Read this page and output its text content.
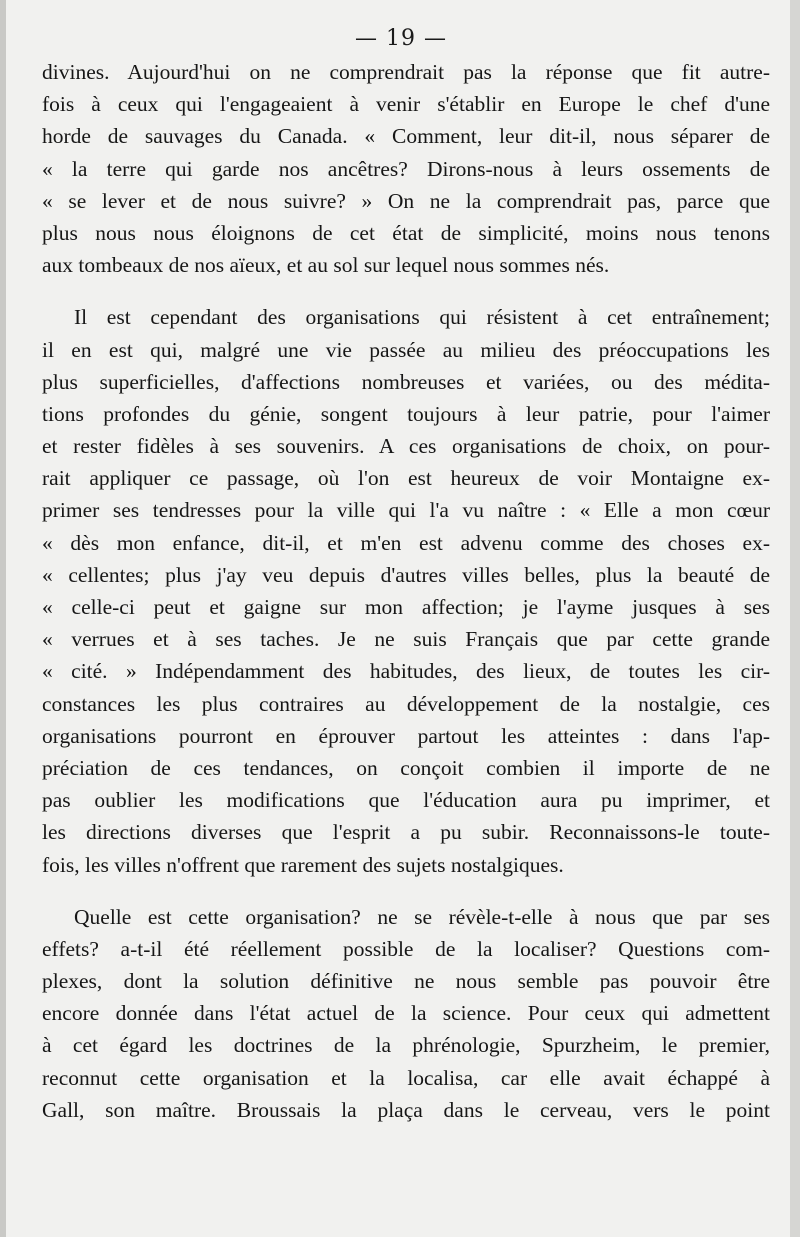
— 19 —
divines. Aujourd'hui on ne comprendrait pas la réponse que fit autre-
fois à ceux qui l'engageaient à venir s'établir en Europe le chef d'une
horde de sauvages du Canada. « Comment, leur dit-il, nous séparer de
« la terre qui garde nos ancêtres? Dirons-nous à leurs ossements de
« se lever et de nous suivre? » On ne la comprendrait pas, parce que
plus nous nous éloignons de cet état de simplicité, moins nous tenons
aux tombeaux de nos aïeux, et au sol sur lequel nous sommes nés.
Il est cependant des organisations qui résistent à cet entraînement;
il en est qui, malgré une vie passée au milieu des préoccupations les
plus superficielles, d'affections nombreuses et variées, ou des médita-
tions profondes du génie, songent toujours à leur patrie, pour l'aimer
et rester fidèles à ses souvenirs. A ces organisations de choix, on pour-
rait appliquer ce passage, où l'on est heureux de voir Montaigne ex-
primer ses tendresses pour la ville qui l'a vu naître : « Elle a mon cœur
« dès mon enfance, dit-il, et m'en est advenu comme des choses ex-
« cellentes; plus j'ay veu depuis d'autres villes belles, plus la beauté de
« celle-ci peut et gaigne sur mon affection; je l'ayme jusques à ses
« verrues et à ses taches. Je ne suis Français que par cette grande
« cité. » Indépendamment des habitudes, des lieux, de toutes les cir-
constances les plus contraires au développement de la nostalgie, ces
organisations pourront en éprouver partout les atteintes : dans l'ap-
préciation de ces tendances, on conçoit combien il importe de ne
pas oublier les modifications que l'éducation aura pu imprimer, et
les directions diverses que l'esprit a pu subir. Reconnaissons-le toute-
fois, les villes n'offrent que rarement des sujets nostalgiques.
Quelle est cette organisation? ne se révèle-t-elle à nous que par ses
effets? a-t-il été réellement possible de la localiser? Questions com-
plexes, dont la solution définitive ne nous semble pas pouvoir être
encore donnée dans l'état actuel de la science. Pour ceux qui admettent
à cet égard les doctrines de la phrénologie, Spurzheim, le premier,
reconnut cette organisation et la localisa, car elle avait échappé à
Gall, son maître. Broussais la plaça dans le cerveau, vers le point
